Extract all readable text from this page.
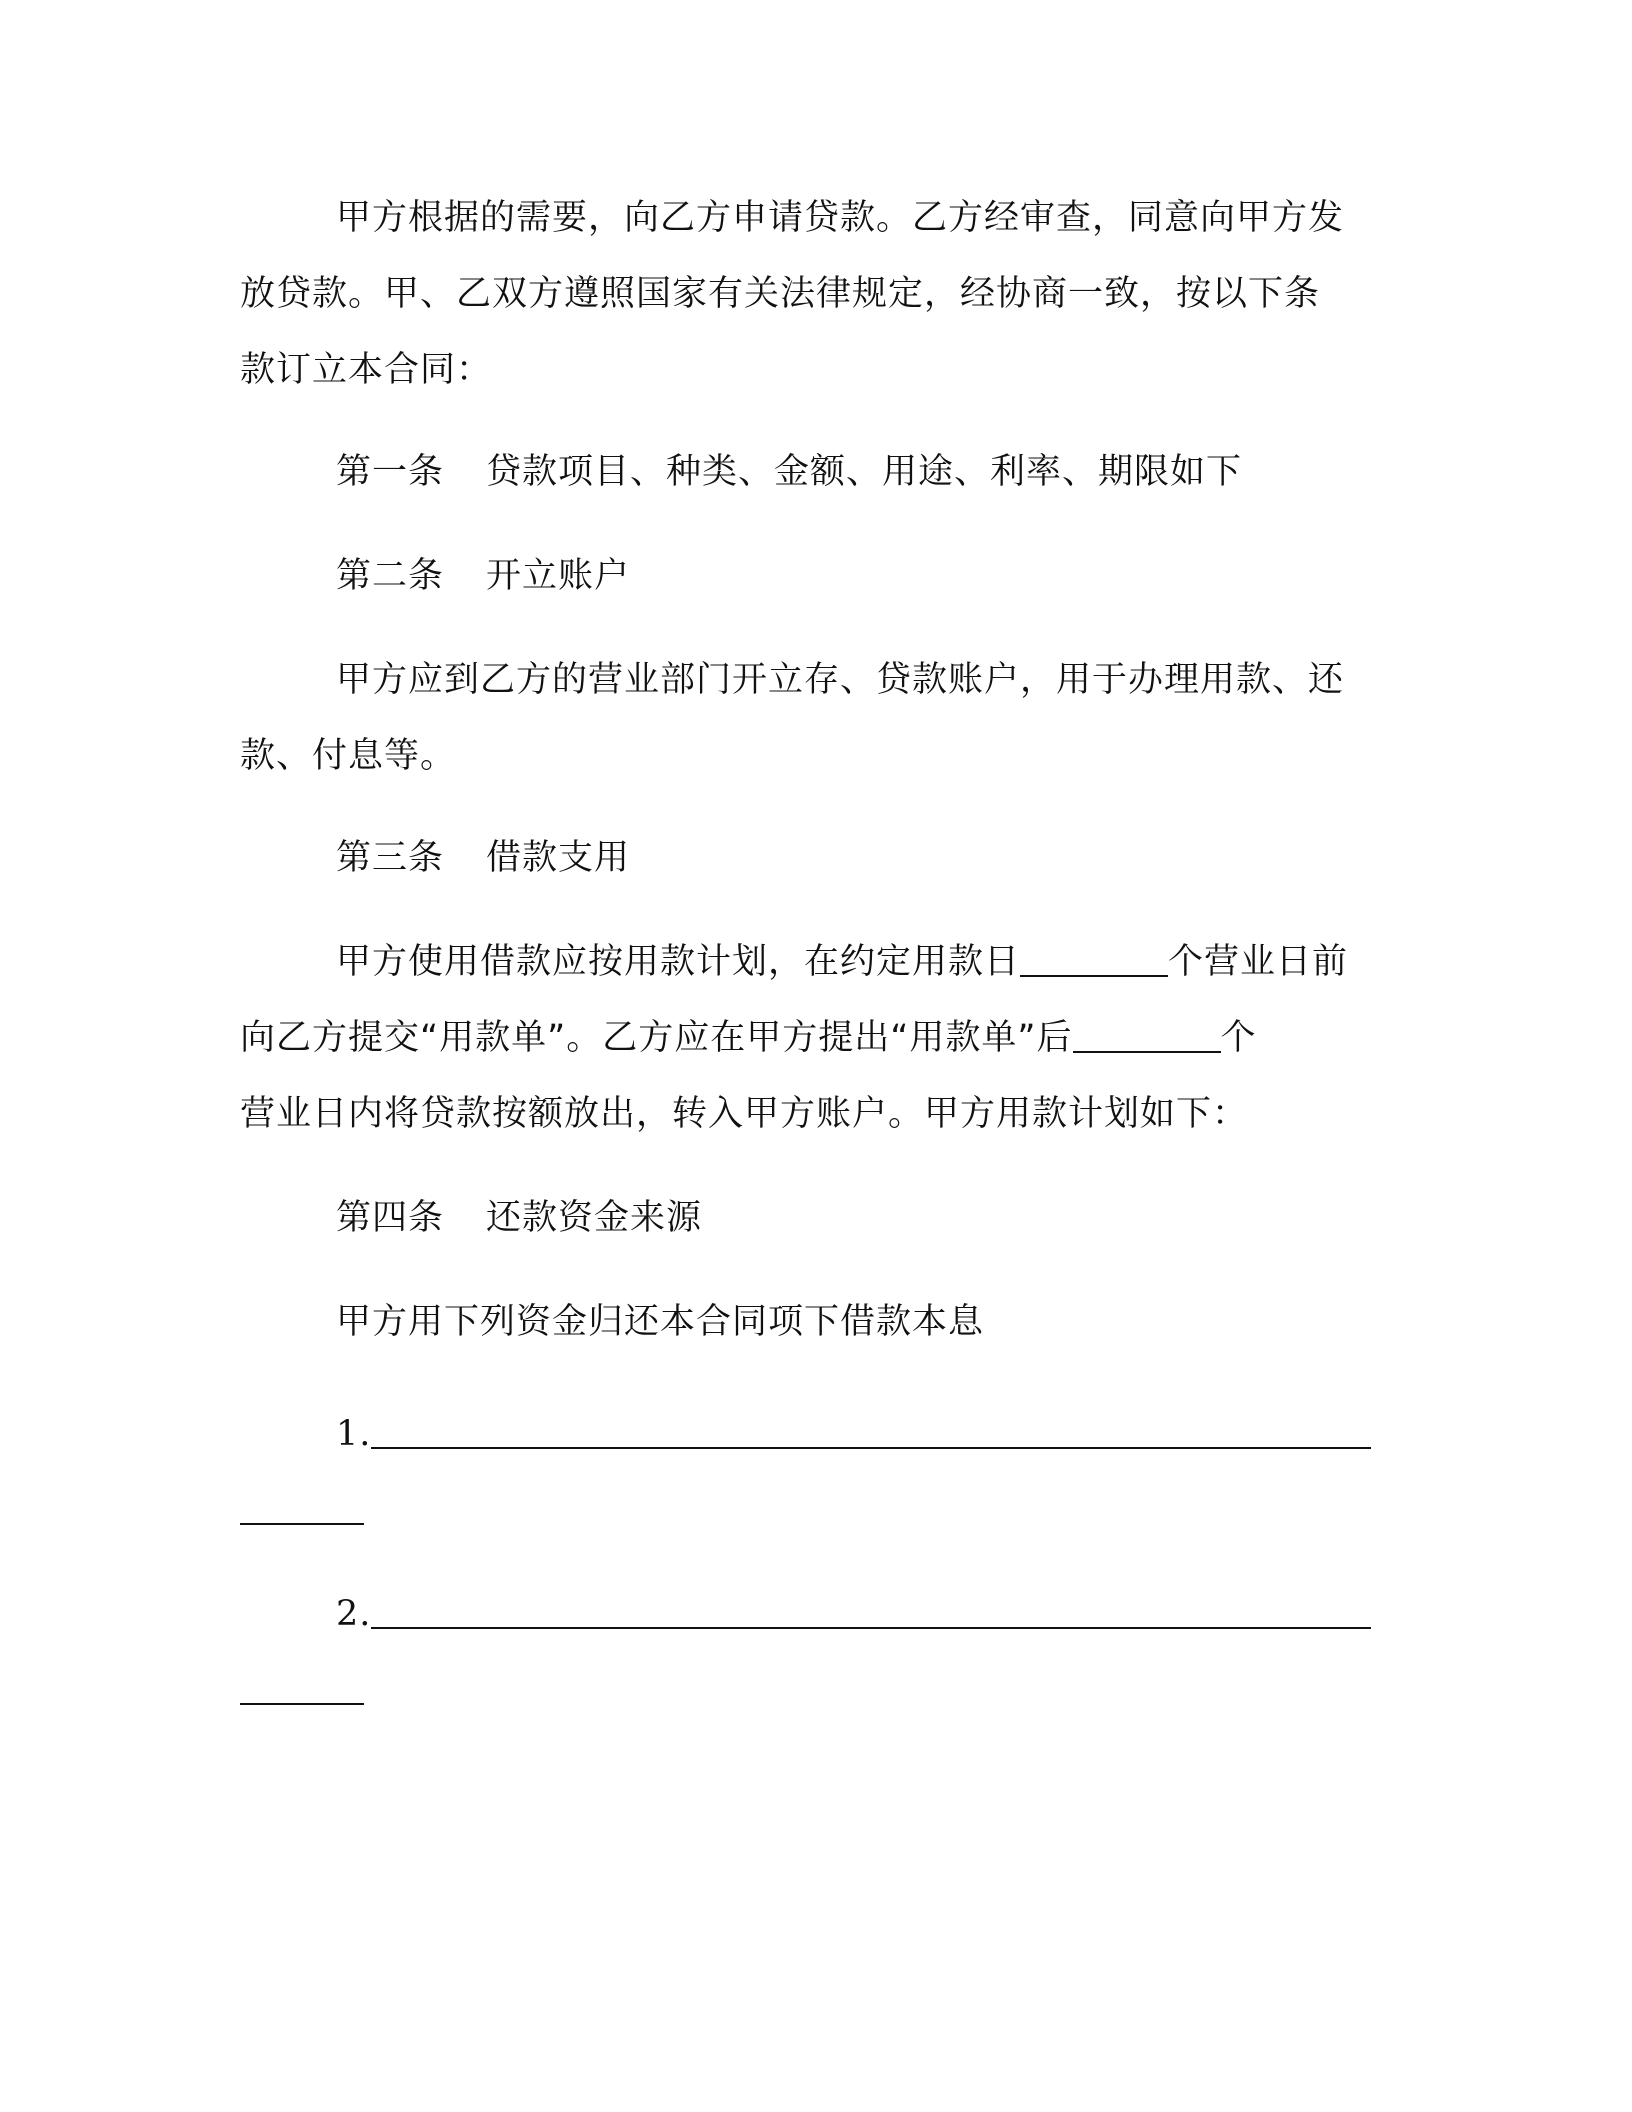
甲方根据的需要，向乙方申请贷款。乙方经审查，同意向甲方发
放贷款。甲、乙双方遵照国家有关法律规定，经协商一致，按以下条
款订立本合同：
第一条 贷款项目、种类、金额、用途、利率、期限如下
第二条 开立账户
甲方应到乙方的营业部门开立存、贷款账户，用于办理用款、还
款、付息等。
第三条 借款支用
甲方使用借款应按用款计划，在约定用款日	个营业日前
向乙方提交“用款单”。乙方应在甲方提出“用款单”后	个
营业日内将贷款按额放出，转入甲方账户。甲方用款计划如下：
第四条 还款资金来源
甲方用下列资金归还本合同项下借款本息
1.
2.
